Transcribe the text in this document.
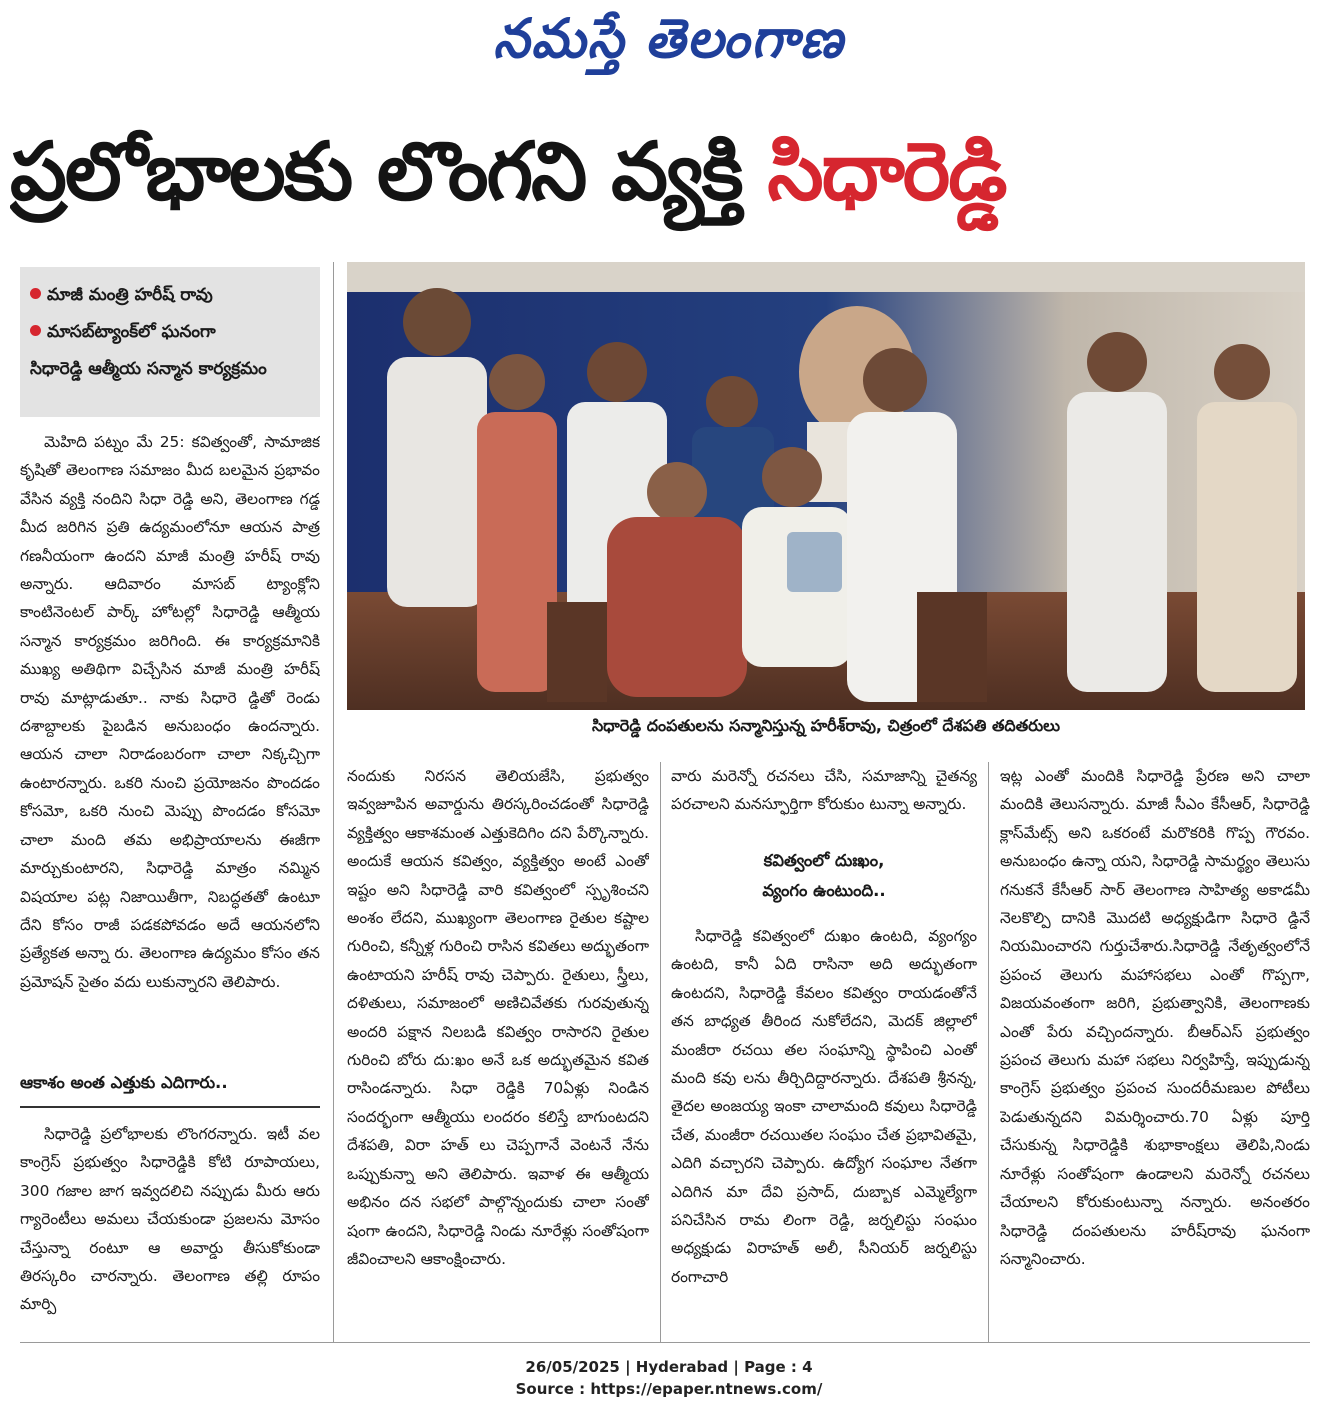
నమస్తే తెలంగాణ
ప్రలోభాలకు లొంగని వ్యక్తి సిధారెడ్డి
మాజీ మంత్రి హరీష్ రావు
మాసబ్‌ట్యాంక్‌లో ఘనంగా
సిధారెడ్డి ఆత్మీయ సన్మాన కార్యక్రమం
సిధారెడ్డి దంపతులను సన్మానిస్తున్న హరీశ్‌రావు, చిత్రంలో దేశపతి తదితరులు

మెహిది పట్నం మే 25: కవిత్వంతో, సామాజిక కృషితో తెలంగాణ సమాజం మీద బలమైన ప్రభావం వేసిన వ్యక్తి నందిని సిధా రెడ్డి అని, తెలంగాణ గడ్డ మీద జరిగిన ప్రతి ఉద్యమంలోనూ ఆయన పాత్ర గణనీయంగా ఉందని మాజీ మంత్రి హరీష్ రావు అన్నారు. ఆదివారం మాసబ్ ట్యాంక్లోని కాంటినెంటల్ పార్క్ హోటల్లో సిధారెడ్డి ఆత్మీయ సన్మాన కార్యక్రమం జరిగింది. ఈ కార్యక్రమానికి ముఖ్య అతిథిగా విచ్చేసిన మాజీ మంత్రి హరీష్ రావు మాట్లాడుతూ.. నాకు సిధారె డ్డితో రెండు దశాబ్దాలకు పైబడిన అనుబంధం ఉందన్నారు. ఆయన చాలా నిరాడంబరంగా చాలా నిక్కచ్చిగా ఉంటారన్నారు. ఒకరి నుంచి ప్రయోజనం పొందడం కోసమో, ఒకరి నుంచి మెప్పు పొందడం కోసమో చాలా మంది తమ అభిప్రాయాలను ఈజీగా మార్చుకుంటారని, సిధారెడ్డి మాత్రం నమ్మిన విషయాల పట్ల నిజాయితీగా, నిబద్ధతతో ఉంటూ దేని కోసం రాజీ పడకపోవడం అదే ఆయనలోని ప్రత్యేకత అన్నా రు. తెలంగాణ ఉద్యమం కోసం తన ప్రమోషన్ సైతం వదు లుకున్నారని తెలిపారు.

ఆకాశం అంత ఎత్తుకు ఎదిగారు..

సిధారెడ్డి ప్రలోభాలకు లొంగరన్నారు. ఇటీ వల కాంగ్రెస్ ప్రభుత్వం సిధారెడ్డికి కోటి రూపాయలు, 300 గజాల జాగ ఇవ్వదలిచి నప్పుడు మీరు ఆరు గ్యారెంటీలు అమలు చేయకుండా ప్రజలను మోసం చేస్తున్నా రంటూ ఆ అవార్డు తీసుకోకుండా తిరస్కరిం చారన్నారు. తెలంగాణ తల్లి రూపం మార్పి

నందుకు నిరసన తెలియజేసి, ప్రభుత్వం ఇవ్వజూపిన అవార్డును తిరస్కరించడంతో సిధారెడ్డి వ్యక్తిత్వం ఆకాశమంత ఎత్తుకెదిగిం దని పేర్కొన్నారు. అందుకే ఆయన కవిత్వం, వ్యక్తిత్వం అంటే ఎంతో ఇష్టం అని సిధారెడ్డి వారి కవిత్వంలో స్పృశించని అంశం లేదని, ముఖ్యంగా తెలంగాణ రైతుల కష్టాల గురించి, కన్నీళ్ల గురించి రాసిన కవితలు అద్భుతంగా ఉంటాయని హరీష్ రావు చెప్పారు. రైతులు, స్త్రీలు, దళితులు, సమాజంలో అణిచివేతకు గురవుతున్న అందరి పక్షాన నిలబడి కవిత్వం రాసారని రైతుల గురించి బోరు దు:ఖం అనే ఒక అద్భుతమైన కవిత రాసిండన్నారు. సిధా రెడ్డికి 70ఏళ్లు నిండిన సందర్భంగా ఆత్మీయు లందరం కలిస్తే బాగుంటదని దేశపతి, విరా హత్ లు చెప్పగానే వెంటనే నేను ఒప్పుకున్నా అని తెలిపారు. ఇవాళ ఈ ఆత్మీయ అభినం దన సభలో పాల్గొన్నందుకు చాలా సంతో షంగా ఉందని, సిధారెడ్డి నిండు నూరేళ్లు సంతోషంగా జీవించాలని ఆకాంక్షించారు.

వారు మరెన్నో రచనలు చేసి, సమాజాన్ని చైతన్య పరచాలని మనస్ఫూర్తిగా కోరుకుం టున్నా అన్నారు.

కవిత్వంలో దుఃఖం,
వ్యంగం ఉంటుంది..

సిధారెడ్డి కవిత్వంలో దుఖం ఉంటది, వ్యంగ్యం ఉంటది, కానీ ఏది రాసినా అది అద్భుతంగా ఉంటదని, సిధారెడ్డి కేవలం కవిత్వం రాయడంతోనే తన బాధ్యత తీరింద నుకోలేదని, మెదక్ జిల్లాలో మంజీరా రచయి తల సంఘాన్ని స్థాపించి ఎంతో మంది కవు లను తీర్చిదిద్దారన్నారు. దేశపతి శ్రీనన్న, తైదల అంజయ్య ఇంకా చాలామంది కవులు సిధారెడ్డి చేత, మంజీరా రచయితల సంఘం చేత ప్రభావితమై, ఎదిగి వచ్చారని చెప్పారు. ఉద్యోగ సంఘాల నేతగా ఎదిగిన మా దేవి ప్రసాద్, దుబ్బాక ఎమ్మెల్యేగా పనిచేసిన రామ లింగా రెడ్డి, జర్నలిస్టు సంఘం అధ్యక్షుడు విరాహత్ అలీ, సీనియర్ జర్నలిస్టు రంగాచారి

ఇట్ల ఎంతో మందికి సిధారెడ్డి ప్రేరణ అని చాలా మందికి తెలుసన్నారు. మాజీ సీఎం కేసీఆర్, సిధారెడ్డి క్లాస్‌మేట్స్ అని ఒకరంటే మరొకరికి గొప్ప గౌరవం. అనుబంధం ఉన్నా యని, సిధారెడ్డి సామర్థ్యం తెలుసు గనుకనే కేసీఆర్ సార్ తెలంగాణ సాహిత్య అకాడమీ నెలకొల్పి దానికి మొదటి అధ్యక్షుడిగా సిధారె డ్డినే నియమించారని గుర్తుచేశారు.సిధారెడ్డి నేతృత్వంలోనే ప్రపంచ తెలుగు మహాసభలు ఎంతో గొప్పగా, విజయవంతంగా జరిగి, ప్రభుత్వానికి, తెలంగాణకు ఎంతో పేరు వచ్చిందన్నారు. బీఆర్ఎస్ ప్రభుత్వం ప్రపంచ తెలుగు మహా సభలు నిర్వహిస్తే, ఇప్పుడున్న కాంగ్రెస్ ప్రభుత్వం ప్రపంచ సుందరీమణుల పోటీలు పెడుతున్నదని విమర్శించారు.70 ఏళ్లు పూర్తి చేసుకున్న సిధారెడ్డికి శుభాకాంక్షలు తెలిపి,నిండు నూరేళ్లు సంతోషంగా ఉండాలని మరెన్నో రచనలు చేయాలని కోరుకుంటున్నా నన్నారు. అనంతరం సిధారెడ్డి దంపతులను హరీష్‌రావు ఘనంగా సన్మానించారు.

26/05/2025 | Hyderabad | Page : 4
Source : https://epaper.ntnews.com/
